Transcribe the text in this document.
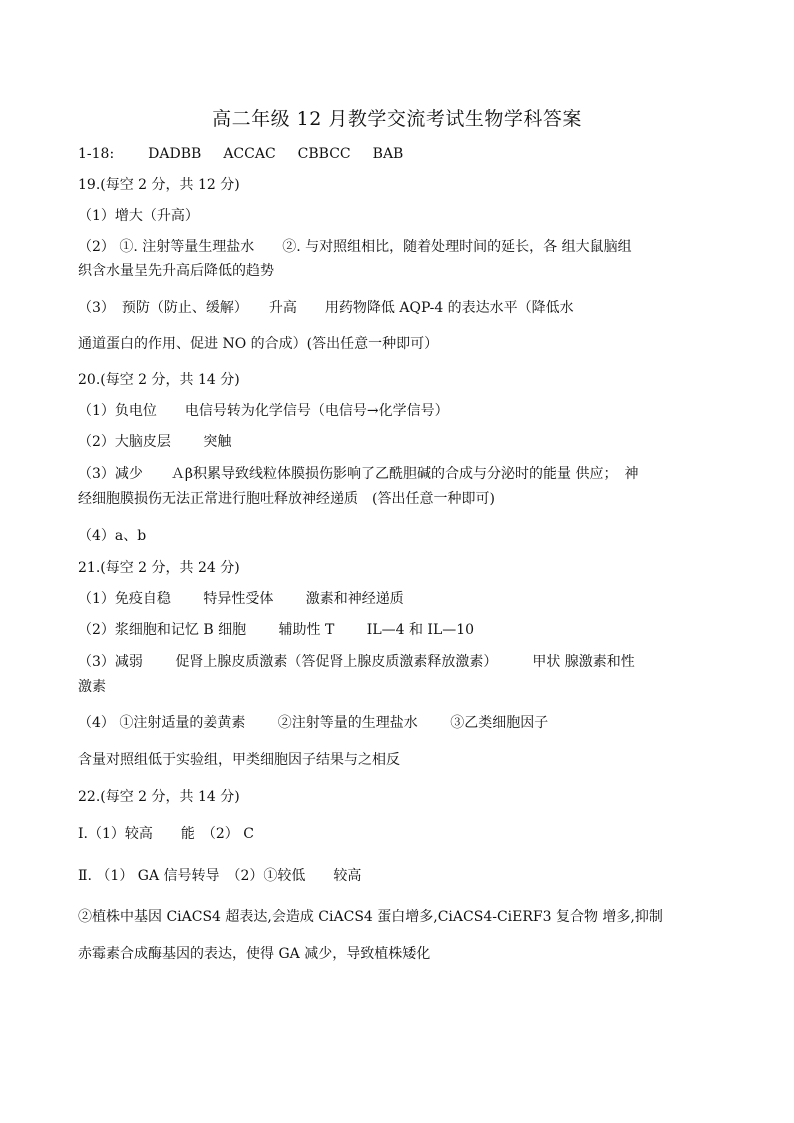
高二年级 12 月教学交流考试生物学科答案
1-18: DADBB ACCAC CBBCC BAB
19.(每空 2 分，共 12 分)
（1）增大（升高）
（2） ①. 注射等量生理盐水　　②. 与对照组相比，随着处理时间的延长，各 组大鼠脑组
织含水量呈先升高后降低的趋势
（3）　预防（防止、缓解）　　升高　　用药物降低 AQP-4 的表达水平（降低水
通道蛋白的作用、促进 NO 的合成）(答出任意一种即可）
20.(每空 2 分，共 14 分)
（1）负电位　　电信号转为化学信号（电信号→化学信号）
（2）大脑皮层　　 突触
（3）减少　　Ａβ积累导致线粒体膜损伤影响了乙酰胆碱的合成与分泌时的能量 供应；　神
经细胞膜损伤无法正常进行胞吐释放神经递质　(答出任意一种即可)
（4）a、b
21.(每空 2 分，共 24 分)
（1）免疫自稳　　 特异性受体　　 激素和神经递质
（2）浆细胞和记忆 B 细胞　　 辅助性 T　　 IL—4 和 IL—10
（3）减弱　　 促肾上腺皮质激素（答促肾上腺皮质激素释放激素）　　　甲状 腺激素和性
激素
（4） ①注射适量的姜黄素　　 ②注射等量的生理盐水　　 ③乙类细胞因子
含量对照组低于实验组，甲类细胞因子结果与之相反
22.(每空 2 分，共 14 分)
Ⅰ.（1）较高　　能　（2） C
Ⅱ. （1） GA 信号转导　（2）①较低　　较高
②植株中基因 CiACS4 超表达,会造成 CiACS4 蛋白增多,CiACS4-CiERF3 复合物 增多,抑制
赤霉素合成酶基因的表达，使得 GA 减少，导致植株矮化
